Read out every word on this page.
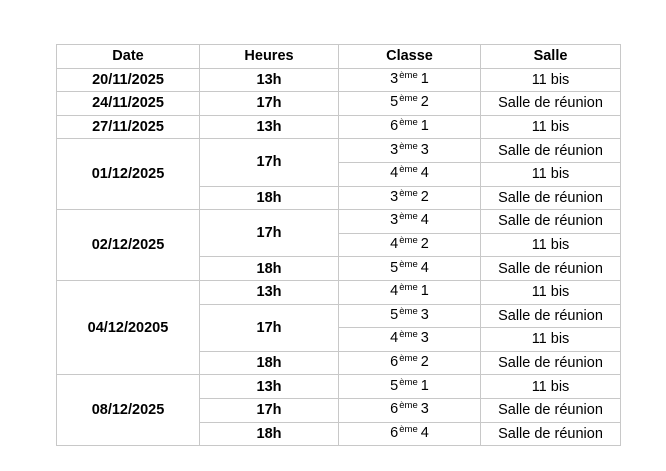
Date	Heures	Classe	Salle
20/11/2025	13h	3ème 1	11 bis
24/11/2025	17h	5ème 2	Salle de réunion
27/11/2025	13h	6ème 1	11 bis
01/12/2025	17h	3ème 3	Salle de réunion
		4ème 4	11 bis
	18h	3ème 2	Salle de réunion
02/12/2025	17h	3ème 4	Salle de réunion
		4ème 2	11 bis
	18h	5ème 4	Salle de réunion
04/12/20205	13h	4ème 1	11 bis
	17h	5ème 3	Salle de réunion
		4ème 3	11 bis
	18h	6ème 2	Salle de réunion
08/12/2025	13h	5ème 1	11 bis
	17h	6ème 3	Salle de réunion
	18h	6ème 4	Salle de réunion
